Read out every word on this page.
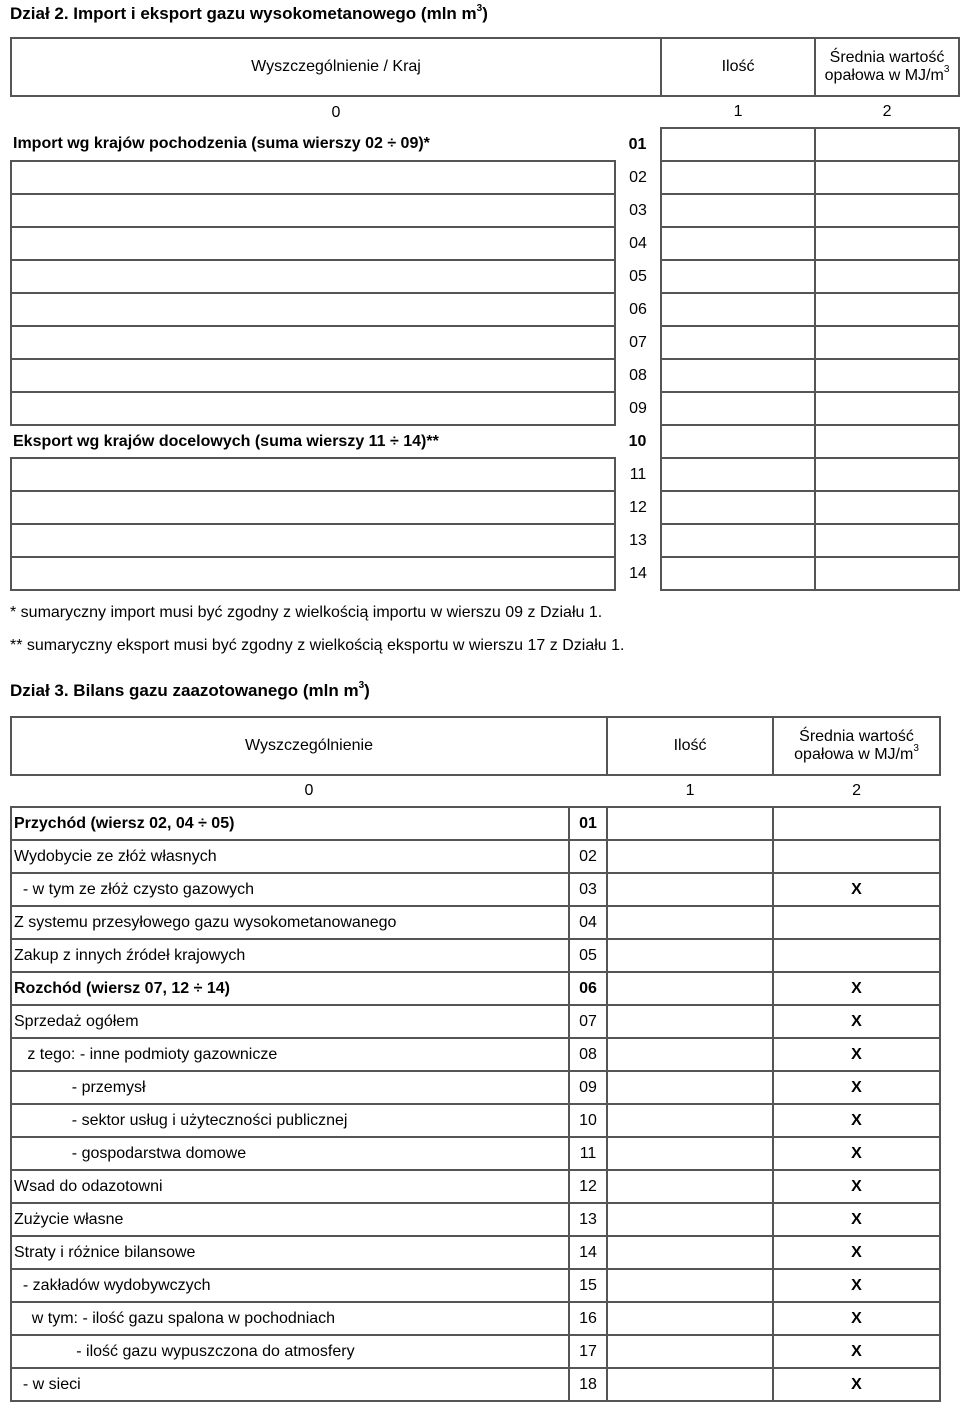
Dział 2. Import i eksport gazu wysokometanowego (mln $m^3$)
Wyszczególnienie / Kraj		Ilość	Średnia wartość
opałowa w $MJ/m^3$
0		1	2
Import wg krajów pochodzenia (suma wierszy 02 ÷ 09)*	01		
	02		
	03		
	04		
	05		
	06		
	07		
	08		
	09		
Eksport wg krajów docelowych (suma wierszy 11 ÷ 14)**	10		
	11		
	12		
	13		
	14		
* sumaryczny import musi być zgodny z wielkością importu w wierszu 09 z Działu 1.
** sumaryczny eksport musi być zgodny z wielkością eksportu w wierszu 17 z Działu 1.
Dział 3. Bilans gazu zaazotowanego (mln $m^3$)
Wyszczególnienie		Ilość	Średnia wartość
opałowa w $MJ/m^3$
0		1	2
Przychód (wiersz 02, 04 ÷ 05)	01		
Wydobycie ze złóż własnych	02		
- w tym ze złóż czysto gazowych	03		X
Z systemu przesyłowego gazu wysokometanowanego	04		
Zakup z innych źródeł krajowych	05		
Rozchód (wiersz 07, 12 ÷ 14)	06		X
Sprzedaż ogółem	07		X
z tego: - inne podmioty gazownicze	08		X
- przemysł	09		X
- sektor usług i użyteczności publicznej	10		X
- gospodarstwa domowe	11		X
Wsad do odazotowni	12		X
Zużycie własne	13		X
Straty i różnice bilansowe	14		X
- zakładów wydobywczych	15		X
w tym: - ilość gazu spalona w pochodniach	16		X
- ilość gazu wypuszczona do atmosfery	17		X
- w sieci	18		X
